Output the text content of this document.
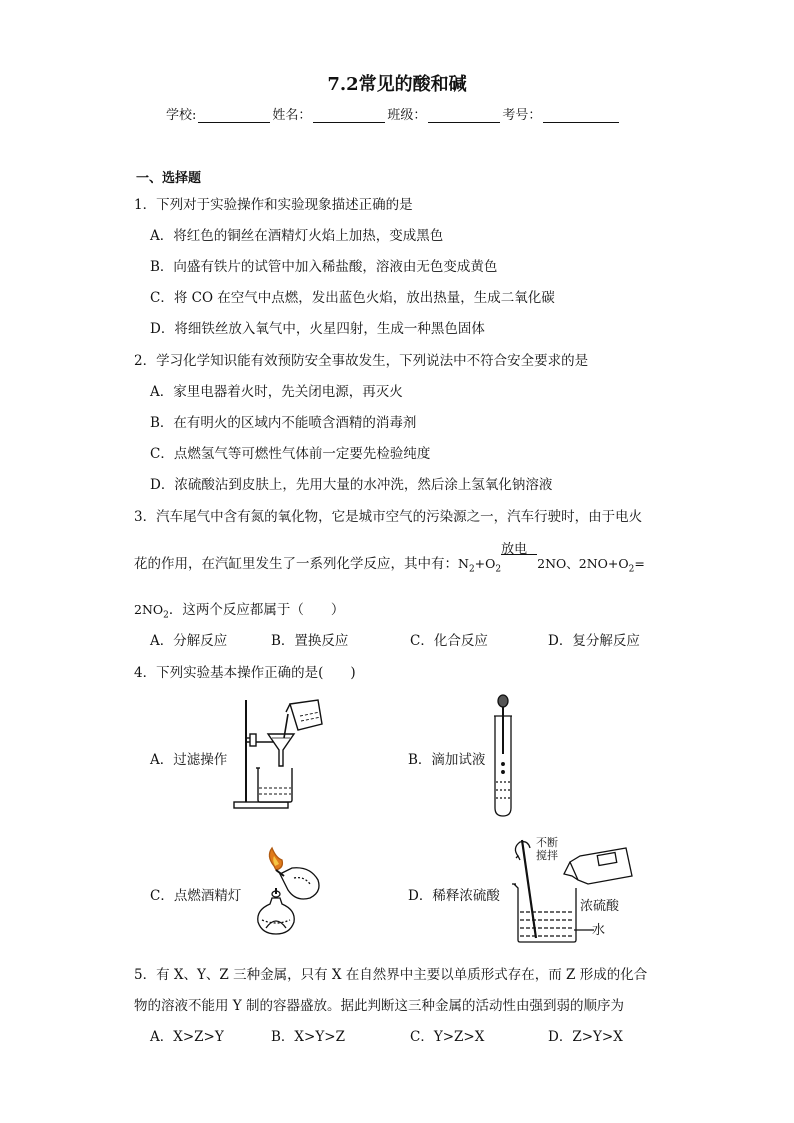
7.2常见的酸和碱
学校:	姓名：	班级：	考号：
一、选择题
1．下列对于实验操作和实验现象描述正确的是
A．将红色的铜丝在酒精灯火焰上加热，变成黑色
B．向盛有铁片的试管中加入稀盐酸，溶液由无色变成黄色
C．将 CO 在空气中点燃，发出蓝色火焰，放出热量，生成二氧化碳
D．将细铁丝放入氧气中，火星四射，生成一种黑色固体
2．学习化学知识能有效预防安全事故发生，下列说法中不符合安全要求的是
A．家里电器着火时，先关闭电源，再灭火
B．在有明火的区域内不能喷含酒精的消毒剂
C．点燃氢气等可燃性气体前一定要先检验纯度
D．浓硫酸沾到皮肤上，先用大量的水冲洗，然后涂上氢氧化钠溶液
3．汽车尾气中含有氮的氧化物，它是城市空气的污染源之一，汽车行驶时，由于电火
花的作用，在汽缸里发生了一系列化学反应，其中有：$N_2+O_2$
放电
2NO、$2NO+O_2=$
$2NO_2$．这两个反应都属于（　　）
A．分解反应	B．置换反应	C．化合反应	D．复分解反应
4．下列实验基本操作正确的是(　　)
A．过滤操作	B．滴加试液
C．点燃酒精灯	D．稀释浓硫酸
不断
搅拌
浓硫酸
水
5．有 X、Y、Z 三种金属，只有 X 在自然界中主要以单质形式存在，而 Z 形成的化合
物的溶液不能用 Y 制的容器盛放。据此判断这三种金属的活动性由强到弱的顺序为
A．X>Z>Y	B．X>Y>Z	C．Y>Z>X	D．Z>Y>X
